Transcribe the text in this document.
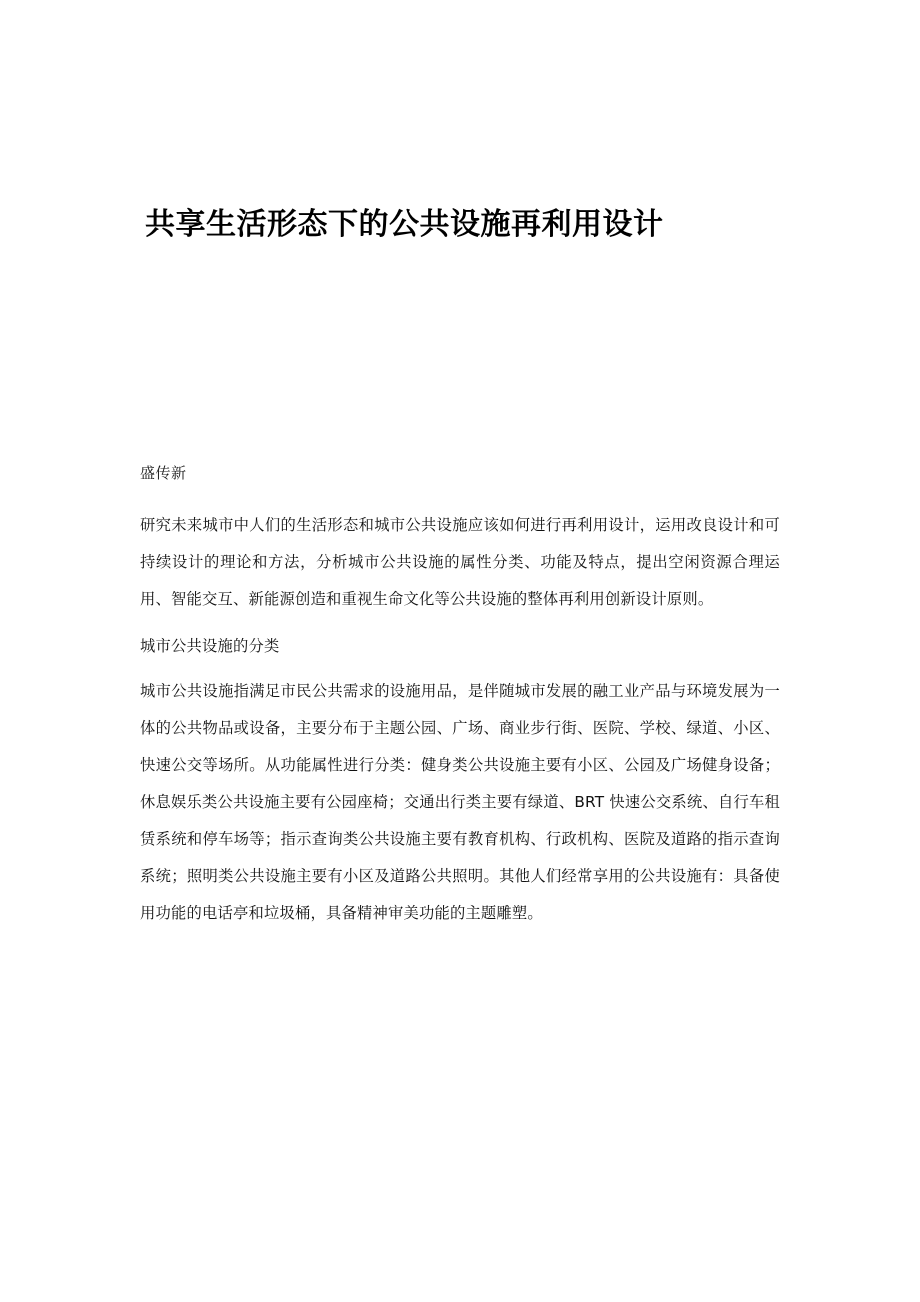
共享生活形态下的公共设施再利用设计
盛传新

研究未来城市中人们的生活形态和城市公共设施应该如何进行再利用设计，运用改良设计和可持续设计的理论和方法，分析城市公共设施的属性分类、功能及特点，提出空闲资源合理运用、智能交互、新能源创造和重视生命文化等公共设施的整体再利用创新设计原则。

城市公共设施的分类

城市公共设施指满足市民公共需求的设施用品，是伴随城市发展的融工业产品与环境发展为一体的公共物品或设备，主要分布于主题公园、广场、商业步行街、医院、学校、绿道、小区、快速公交等场所。从功能属性进行分类：健身类公共设施主要有小区、公园及广场健身设备；休息娱乐类公共设施主要有公园座椅；交通出行类主要有绿道、BRT 快速公交系统、自行车租赁系统和停车场等；指示查询类公共设施主要有教育机构、行政机构、医院及道路的指示查询系统；照明类公共设施主要有小区及道路公共照明。其他人们经常享用的公共设施有：具备使用功能的电话亭和垃圾桶，具备精神审美功能的主题雕塑。
